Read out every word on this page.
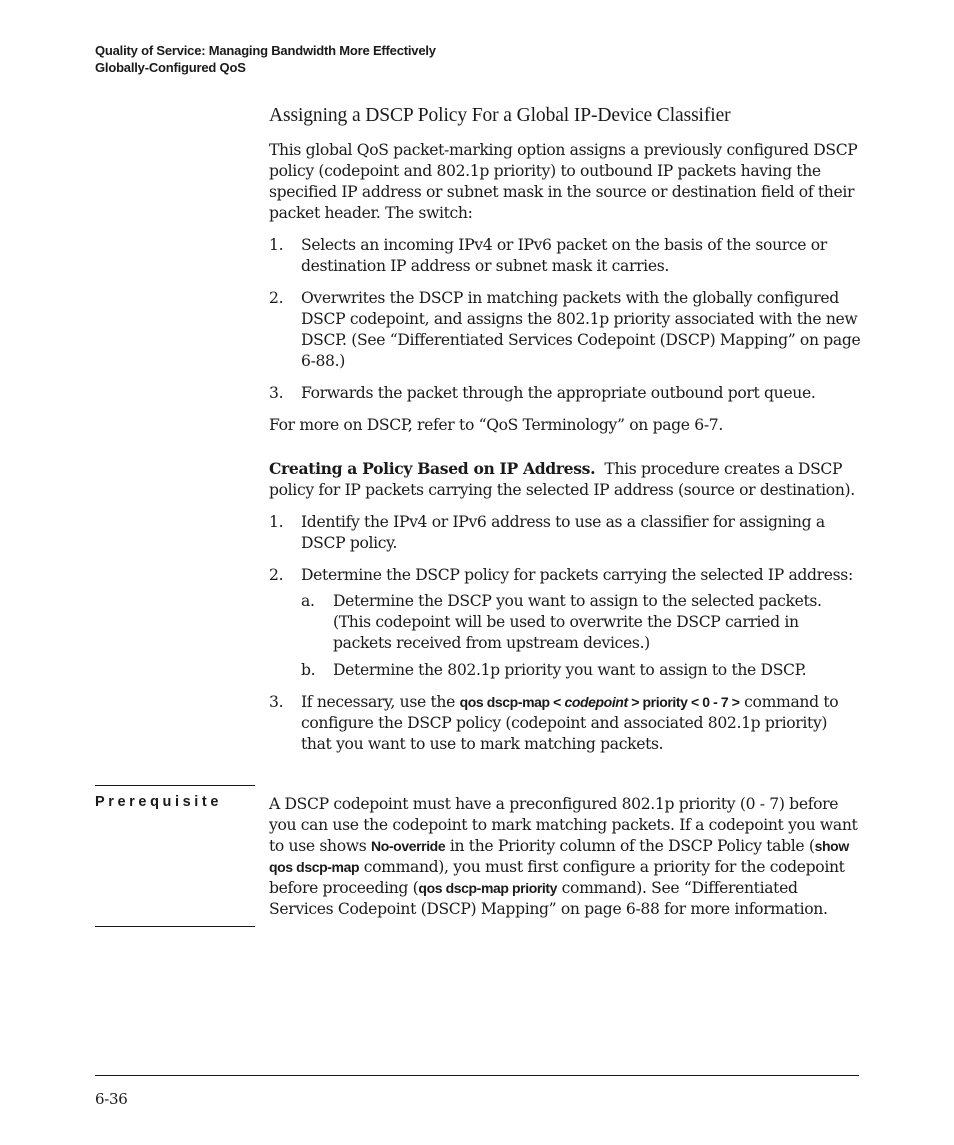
Quality of Service: Managing Bandwidth More Effectively
Globally-Configured QoS
Assigning a DSCP Policy For a Global IP-Device Classifier

This global QoS packet-marking option assigns a previously configured DSCP policy (codepoint and 802.1p priority) to outbound IP packets having the specified IP address or subnet mask in the source or destination field of their packet header. The switch:

1. Selects an incoming IPv4 or IPv6 packet on the basis of the source or destination IP address or subnet mask it carries.
2. Overwrites the DSCP in matching packets with the globally configured DSCP codepoint, and assigns the 802.1p priority associated with the new DSCP. (See “Differentiated Services Codepoint (DSCP) Mapping” on page 6-88.)
3. Forwards the packet through the appropriate outbound port queue.

For more on DSCP, refer to “QoS Terminology” on page 6-7.

Creating a Policy Based on IP Address. This procedure creates a DSCP policy for IP packets carrying the selected IP address (source or destination).

1. Identify the IPv4 or IPv6 address to use as a classifier for assigning a DSCP policy.
2. Determine the DSCP policy for packets carrying the selected IP address:
a. Determine the DSCP you want to assign to the selected packets. (This codepoint will be used to overwrite the DSCP carried in packets received from upstream devices.)
b. Determine the 802.1p priority you want to assign to the DSCP.
3. If necessary, use the qos dscp-map < codepoint > priority < 0 - 7 > command to configure the DSCP policy (codepoint and associated 802.1p priority) that you want to use to mark matching packets.
Prerequisite	A DSCP codepoint must have a preconfigured 802.1p priority (0 - 7) before you can use the codepoint to mark matching packets. If a codepoint you want to use shows No-override in the Priority column of the DSCP Policy table (show qos dscp-map command), you must first configure a priority for the codepoint before proceeding (qos dscp-map priority command). See “Differentiated Services Codepoint (DSCP) Mapping” on page 6-88 for more information.
6-36
